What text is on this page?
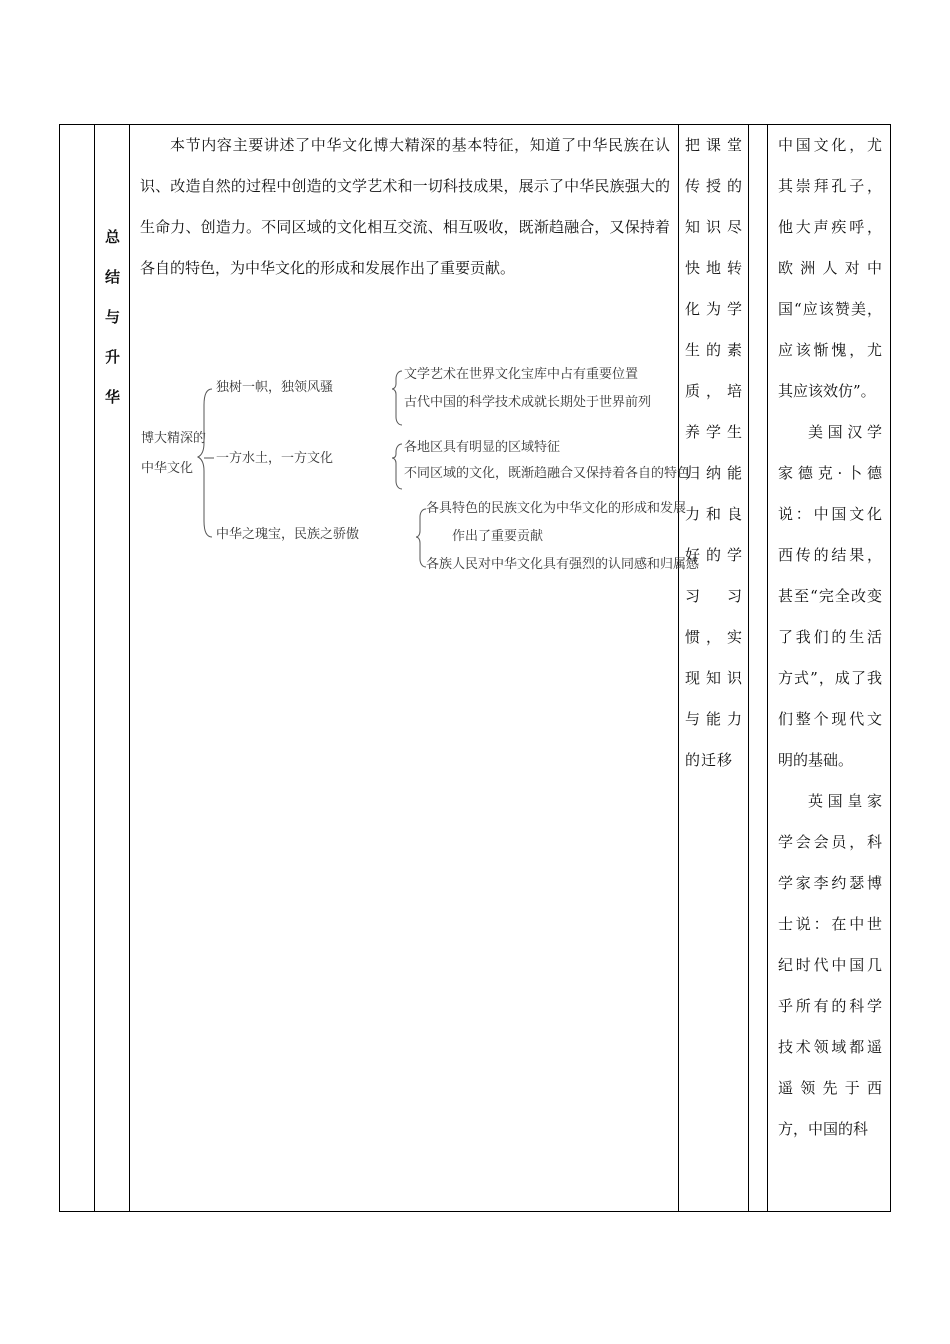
总
结
与
升
华

本节内容主要讲述了中华文化博大精深的基本特征，知道了中华民族在认识、改造自然的过程中创造的文学艺术和一切科技成果，展示了中华民族强大的生命力、创造力。不同区域的文化相互交流、相互吸收，既渐趋融合，又保持着各自的特色，为中华文化的形成和发展作出了重要贡献。

博大精深的
中华文化
独树一帜，独领风骚
文学艺术在世界文化宝库中占有重要位置
古代中国的科学技术成就长期处于世界前列
一方水土，一方文化
各地区具有明显的区域特征
不同区域的文化，既渐趋融合又保持着各自的特色
中华之瑰宝，民族之骄傲
各具特色的民族文化为中华文化的形成和发展
作出了重要贡献
各族人民对中华文化具有强烈的认同感和归属感
把课堂传授的知识尽快地转化为学生的素质，培养学生归纳能力和良好的学习习惯，实现知识与能力的迁移

中国文化，尤其崇拜孔子，他大声疾呼，欧洲人对中国“应该赞美，应该惭愧，尤其应该效仿”。

美国汉学家德克·卜德说：中国文化西传的结果，甚至“完全改变了我们的生活方式”，成了我们整个现代文明的基础。

英国皇家学会会员，科学家李约瑟博士说：在中世纪时代中国几乎所有的科学技术领域都遥遥领先于西方，中国的科
